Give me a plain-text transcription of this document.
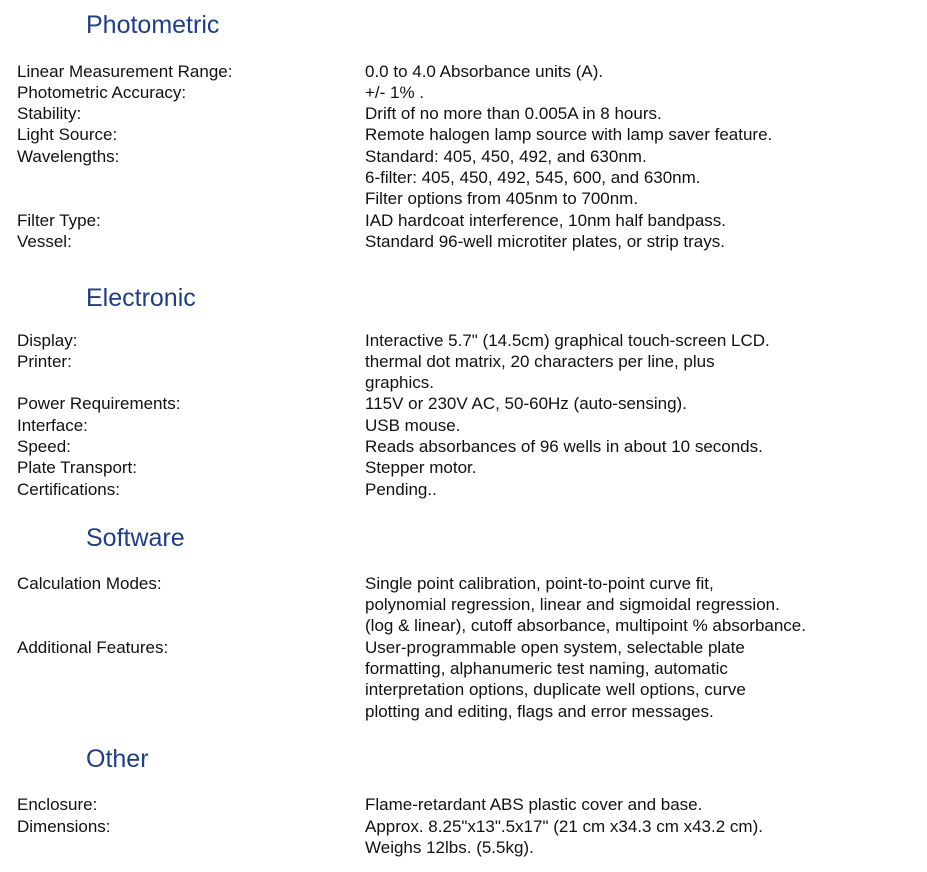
Photometric
Linear Measurement Range:	0.0 to 4.0 Absorbance units (A).
Photometric Accuracy:	+/- 1% .
Stability:	Drift of no more than 0.005A in 8 hours.
Light Source:	Remote halogen lamp source with lamp saver feature.
Wavelengths:	Standard: 405, 450, 492, and 630nm.
6-filter: 405, 450, 492, 545, 600, and 630nm.
Filter options from 405nm to 700nm.
Filter Type:	IAD hardcoat interference, 10nm half bandpass.
Vessel:	Standard 96-well microtiter plates, or strip trays.
Electronic
Display:	Interactive 5.7" (14.5cm) graphical touch-screen LCD.
Printer:	thermal dot matrix, 20 characters per line, plus
graphics.
Power Requirements:	115V or 230V AC, 50-60Hz (auto-sensing).
Interface:	USB mouse.
Speed:	Reads absorbances of 96 wells in about 10 seconds.
Plate Transport:	Stepper motor.
Certifications:	Pending..
Software
Calculation Modes:	Single point calibration, point-to-point curve fit,
polynomial regression, linear and sigmoidal regression.
(log & linear), cutoff absorbance, multipoint % absorbance.
Additional Features:	User-programmable open system, selectable plate
formatting, alphanumeric test naming, automatic
interpretation options, duplicate well options, curve
plotting and editing, flags and error messages.
Other
Enclosure:	Flame-retardant ABS plastic cover and base.
Dimensions:	Approx. 8.25"x13".5x17" (21 cm x34.3 cm x43.2 cm).
Weighs 12lbs. (5.5kg).
